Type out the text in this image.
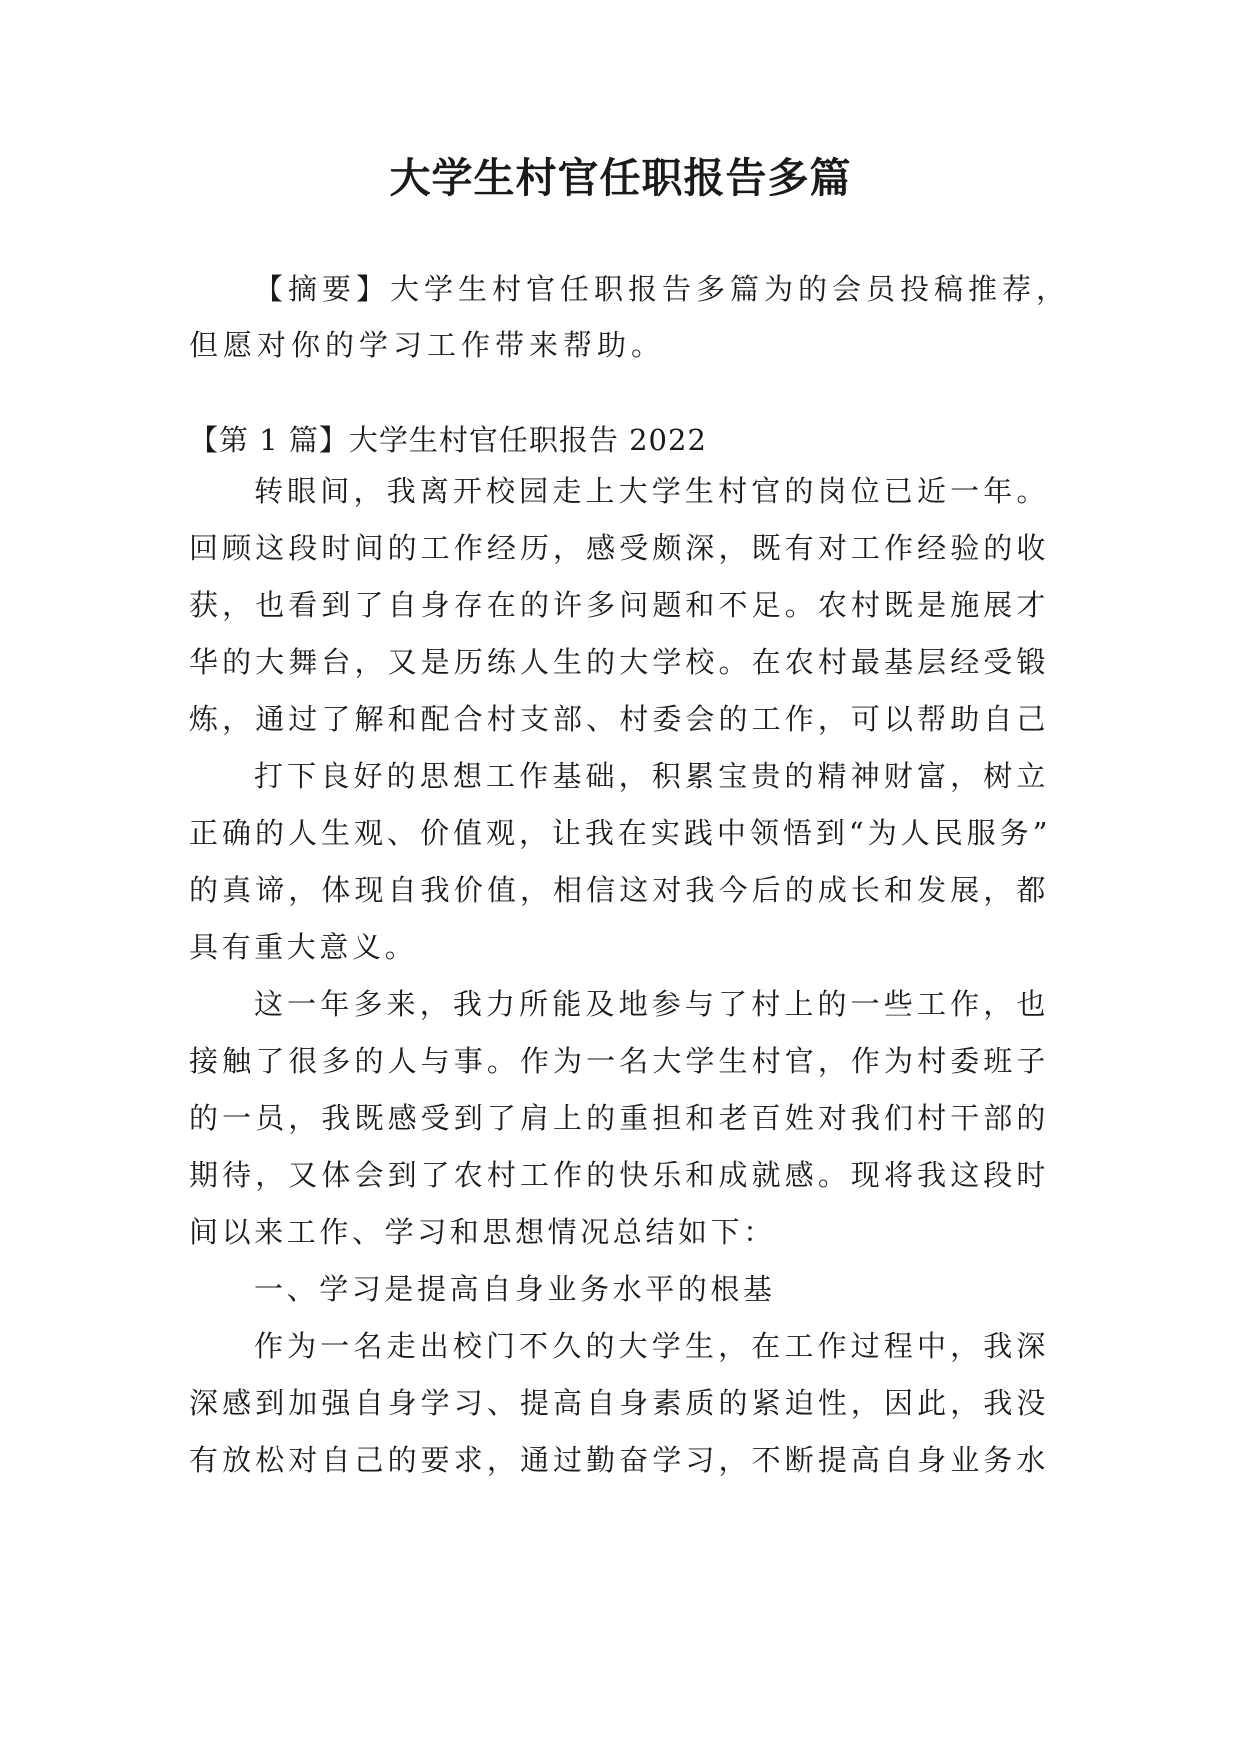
大学生村官任职报告多篇
【摘要】大学生村官任职报告多篇为的会员投稿推荐，
但愿对你的学习工作带来帮助。
【第 1 篇】大学生村官任职报告 2022
转眼间，我离开校园走上大学生村官的岗位已近一年。
回顾这段时间的工作经历，感受颇深，既有对工作经验的收
获，也看到了自身存在的许多问题和不足。农村既是施展才
华的大舞台，又是历练人生的大学校。在农村最基层经受锻
炼，通过了解和配合村支部、村委会的工作，可以帮助自己
打下良好的思想工作基础，积累宝贵的精神财富，树立
正确的人生观、价值观，让我在实践中领悟到“为人民服务”
的真谛，体现自我价值，相信这对我今后的成长和发展，都
具有重大意义。
这一年多来，我力所能及地参与了村上的一些工作，也
接触了很多的人与事。作为一名大学生村官，作为村委班子
的一员，我既感受到了肩上的重担和老百姓对我们村干部的
期待，又体会到了农村工作的快乐和成就感。现将我这段时
间以来工作、学习和思想情况总结如下：
一、学习是提高自身业务水平的根基
作为一名走出校门不久的大学生，在工作过程中，我深
深感到加强自身学习、提高自身素质的紧迫性，因此，我没
有放松对自己的要求，通过勤奋学习，不断提高自身业务水
